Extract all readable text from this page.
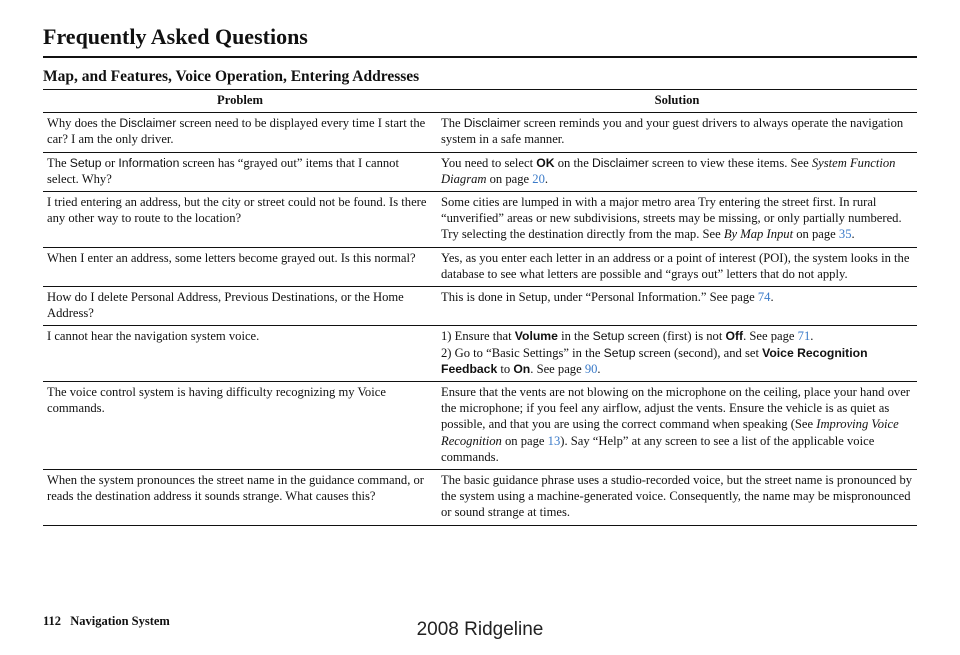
Frequently Asked Questions
Map, and Features, Voice Operation, Entering Addresses
Problem	Solution
Why does the Disclaimer screen need to be displayed every time I start the car? I am the only driver.	The Disclaimer screen reminds you and your guest drivers to always operate the navigation system in a safe manner.
The Setup or Information screen has “grayed out” items that I cannot select. Why?	You need to select OK on the Disclaimer screen to view these items. See System Function Diagram on page 20.
I tried entering an address, but the city or street could not be found. Is there any other way to route to the location?	Some cities are lumped in with a major metro area Try entering the street first. In rural “unverified” areas or new subdivisions, streets may be missing, or only partially numbered. Try selecting the destination directly from the map. See By Map Input on page 35.
When I enter an address, some letters become grayed out. Is this normal?	Yes, as you enter each letter in an address or a point of interest (POI), the system looks in the database to see what letters are possible and “grays out” letters that do not apply.
How do I delete Personal Address, Previous Destinations, or the Home Address?	This is done in Setup, under “Personal Information.” See page 74.
I cannot hear the navigation system voice.	1) Ensure that Volume in the Setup screen (first) is not Off. See page 71.
2) Go to “Basic Settings” in the Setup screen (second), and set Voice Recognition Feedback to On. See page 90.
The voice control system is having difficulty recognizing my Voice commands.	Ensure that the vents are not blowing on the microphone on the ceiling, place your hand over the microphone; if you feel any airflow, adjust the vents. Ensure the vehicle is as quiet as possible, and that you are using the correct command when speaking (See Improving Voice Recognition on page 13). Say “Help” at any screen to see a list of the applicable voice commands.
When the system pronounces the street name in the guidance command, or reads the destination address it sounds strange. What causes this?	The basic guidance phrase uses a studio-recorded voice, but the street name is pronounced by the system using a machine-generated voice. Consequently, the name may be mispronounced or sound strange at times.
112 Navigation System	2008 Ridgeline
